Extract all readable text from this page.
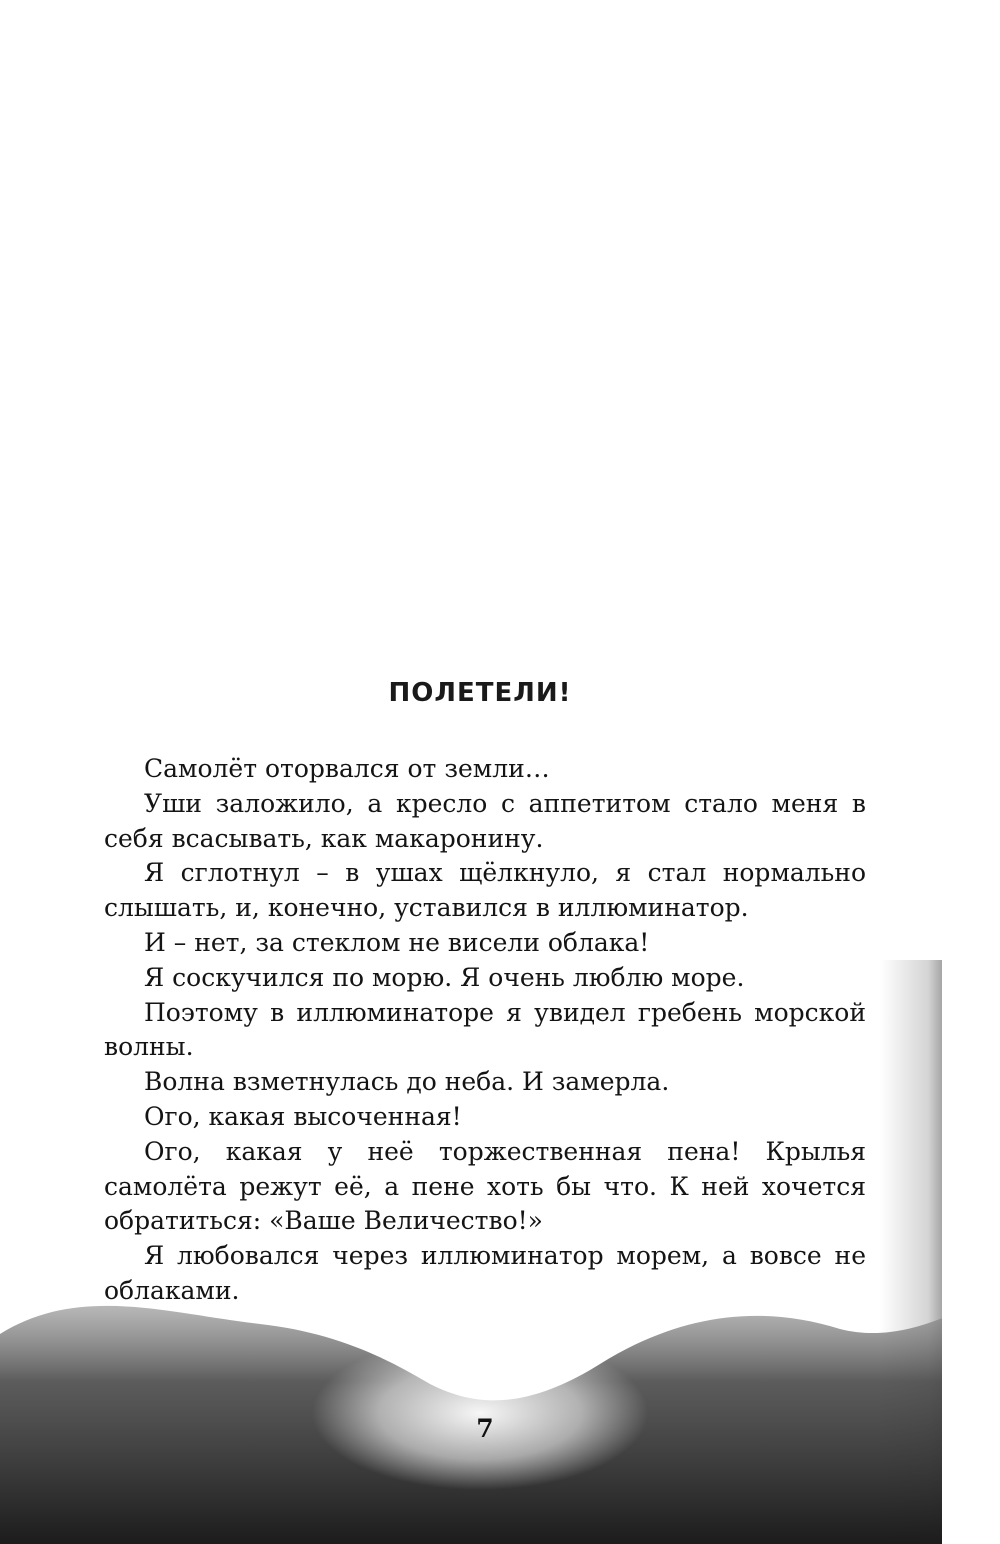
ПОЛЕТЕЛИ!

Самолёт оторвался от земли…

Уши заложило, а кресло с аппетитом стало меня в себя всасывать, как макаронину.

Я сглотнул – в ушах щёлкнуло, я стал нормально слышать, и, конечно, уставился в иллюминатор.

И – нет, за стеклом не висели облака!

Я соскучился по морю. Я очень люблю море.

Поэтому в иллюминаторе я увидел гребень морской волны.

Волна взметнулась до неба. И замерла.

Ого, какая высоченная!

Ого, какая у неё торжественная пена! Крылья самолёта режут её, а пене хоть бы что. К ней хочется обратиться: «Ваше Величество!»

Я любовался через иллюминатор морем, а вовсе не облаками.

7
